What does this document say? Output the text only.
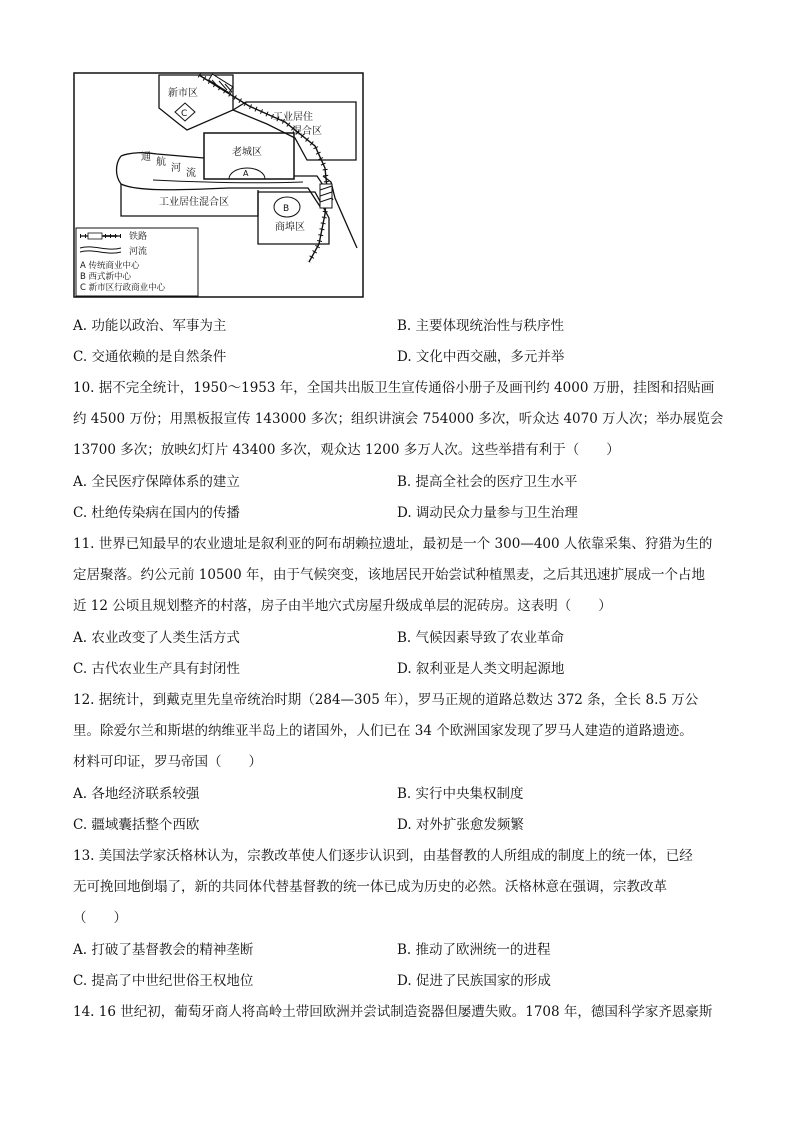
新市区
C	工业居住
混合区
老城区
A
通 航
河 流
工业居住混合区
B
商埠区
铁路
河流
A 传统商业中心
B 西式新中心
C 新市区行政商业中心
A. 功能以政治、军事为主	B. 主要体现统治性与秩序性
C. 交通依赖的是自然条件	D. 文化中西交融，多元并举
10. 据不完全统计，1950～1953 年，全国共出版卫生宣传通俗小册子及画刊约 4000 万册，挂图和招贴画
约 4500 万份；用黑板报宣传 143000 多次；组织讲演会 754000 多次，听众达 4070 万人次；举办展览会
13700 多次；放映幻灯片 43400 多次，观众达 1200 多万人次。这些举措有利于（　　）
A. 全民医疗保障体系的建立	B. 提高全社会的医疗卫生水平
C. 杜绝传染病在国内的传播	D. 调动民众力量参与卫生治理
11. 世界已知最早的农业遗址是叙利亚的阿布胡赖拉遗址，最初是一个 300—400 人依靠采集、狩猎为生的
定居聚落。约公元前 10500 年，由于气候突变，该地居民开始尝试种植黑麦，之后其迅速扩展成一个占地
近 12 公顷且规划整齐的村落，房子由半地穴式房屋升级成单层的泥砖房。这表明（　　）
A. 农业改变了人类生活方式	B. 气候因素导致了农业革命
C. 古代农业生产具有封闭性	D. 叙利亚是人类文明起源地
12. 据统计，到戴克里先皇帝统治时期（284—305 年），罗马正规的道路总数达 372 条，全长 8.5 万公
里。除爱尔兰和斯堪的纳维亚半岛上的诸国外，人们已在 34 个欧洲国家发现了罗马人建造的道路遗迹。
材料可印证，罗马帝国（　　）
A. 各地经济联系较强	B. 实行中央集权制度
C. 疆域囊括整个西欧	D. 对外扩张愈发频繁
13. 美国法学家沃格林认为，宗教改革使人们逐步认识到，由基督教的人所组成的制度上的统一体，已经
无可挽回地倒塌了，新的共同体代替基督教的统一体已成为历史的必然。沃格林意在强调，宗教改革
（　　）
A. 打破了基督教会的精神垄断	B. 推动了欧洲统一的进程
C. 提高了中世纪世俗王权地位	D. 促进了民族国家的形成
14. 16 世纪初，葡萄牙商人将高岭土带回欧洲并尝试制造瓷器但屡遭失败。1708 年，德国科学家齐恩豪斯
